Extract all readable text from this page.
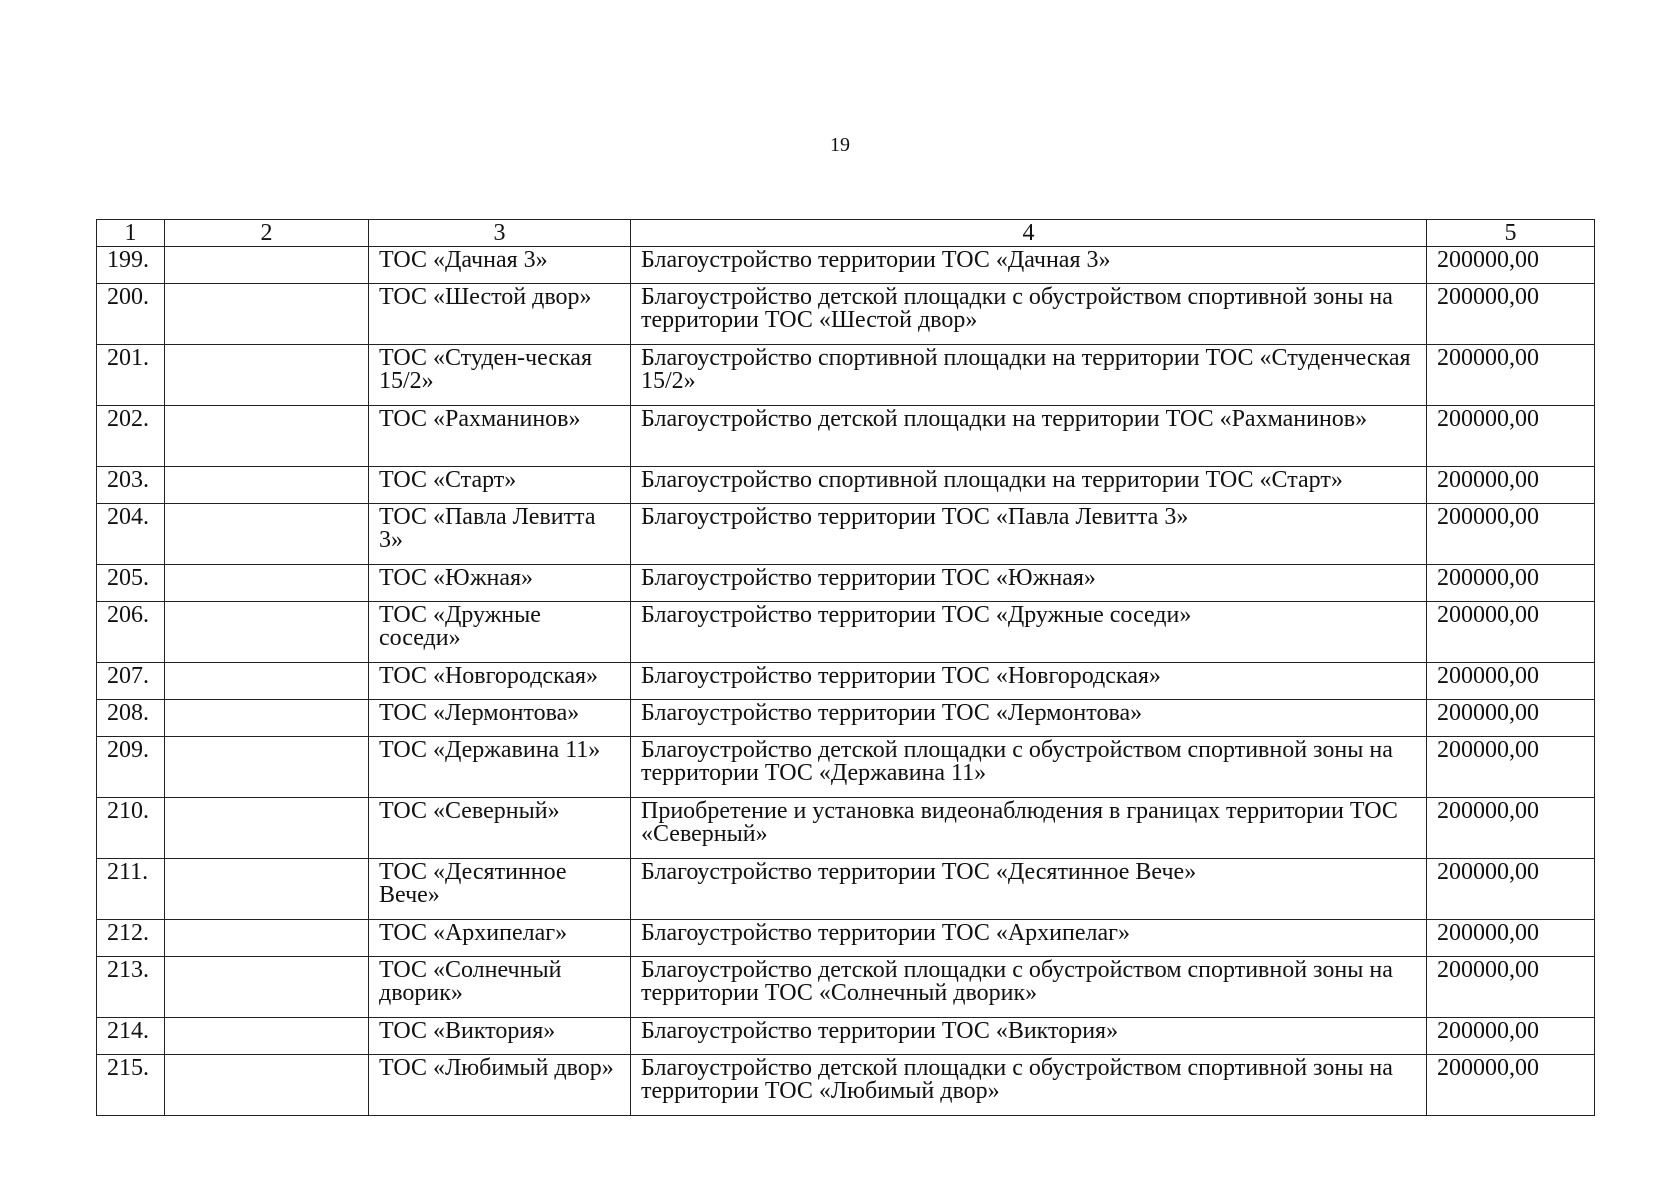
19
1	2	3	4	5
199.		ТОС «Дачная 3»	Благоустройство территории ТОС «Дачная 3»	200000,00
200.		ТОС «Шестой двор»	Благоустройство детской площадки с обустройством спортивной зоны на территории ТОС «Шестой двор»	200000,00
201.		ТОС «Студен-ческая 15/2»	Благоустройство спортивной площадки на территории ТОС «Студенческая 15/2»	200000,00
202.		ТОС «Рахманинов»	Благоустройство детской площадки на территории ТОС «Рахманинов»	200000,00
203.		ТОС «Старт»	Благоустройство спортивной площадки на территории ТОС «Старт»	200000,00
204.		ТОС «Павла Левитта 3»	Благоустройство территории ТОС «Павла Левитта 3»	200000,00
205.		ТОС «Южная»	Благоустройство территории ТОС «Южная»	200000,00
206.		ТОС «Дружные соседи»	Благоустройство территории ТОС «Дружные соседи»	200000,00
207.		ТОС «Новгородская»	Благоустройство территории ТОС «Новгородская»	200000,00
208.		ТОС «Лермонтова»	Благоустройство территории ТОС «Лермонтова»	200000,00
209.		ТОС «Державина 11»	Благоустройство детской площадки с обустройством спортивной зоны на территории ТОС «Державина 11»	200000,00
210.		ТОС «Северный»	Приобретение и установка видеонаблюдения в границах территории ТОС «Северный»	200000,00
211.		ТОС «Десятинное Вече»	Благоустройство территории ТОС «Десятинное Вече»	200000,00
212.		ТОС «Архипелаг»	Благоустройство территории ТОС «Архипелаг»	200000,00
213.		ТОС «Солнечный дворик»	Благоустройство детской площадки с обустройством спортивной зоны на территории ТОС «Солнечный дворик»	200000,00
214.		ТОС «Виктория»	Благоустройство территории ТОС «Виктория»	200000,00
215.		ТОС «Любимый двор»	Благоустройство детской площадки с обустройством спортивной зоны на территории ТОС «Любимый двор»	200000,00
